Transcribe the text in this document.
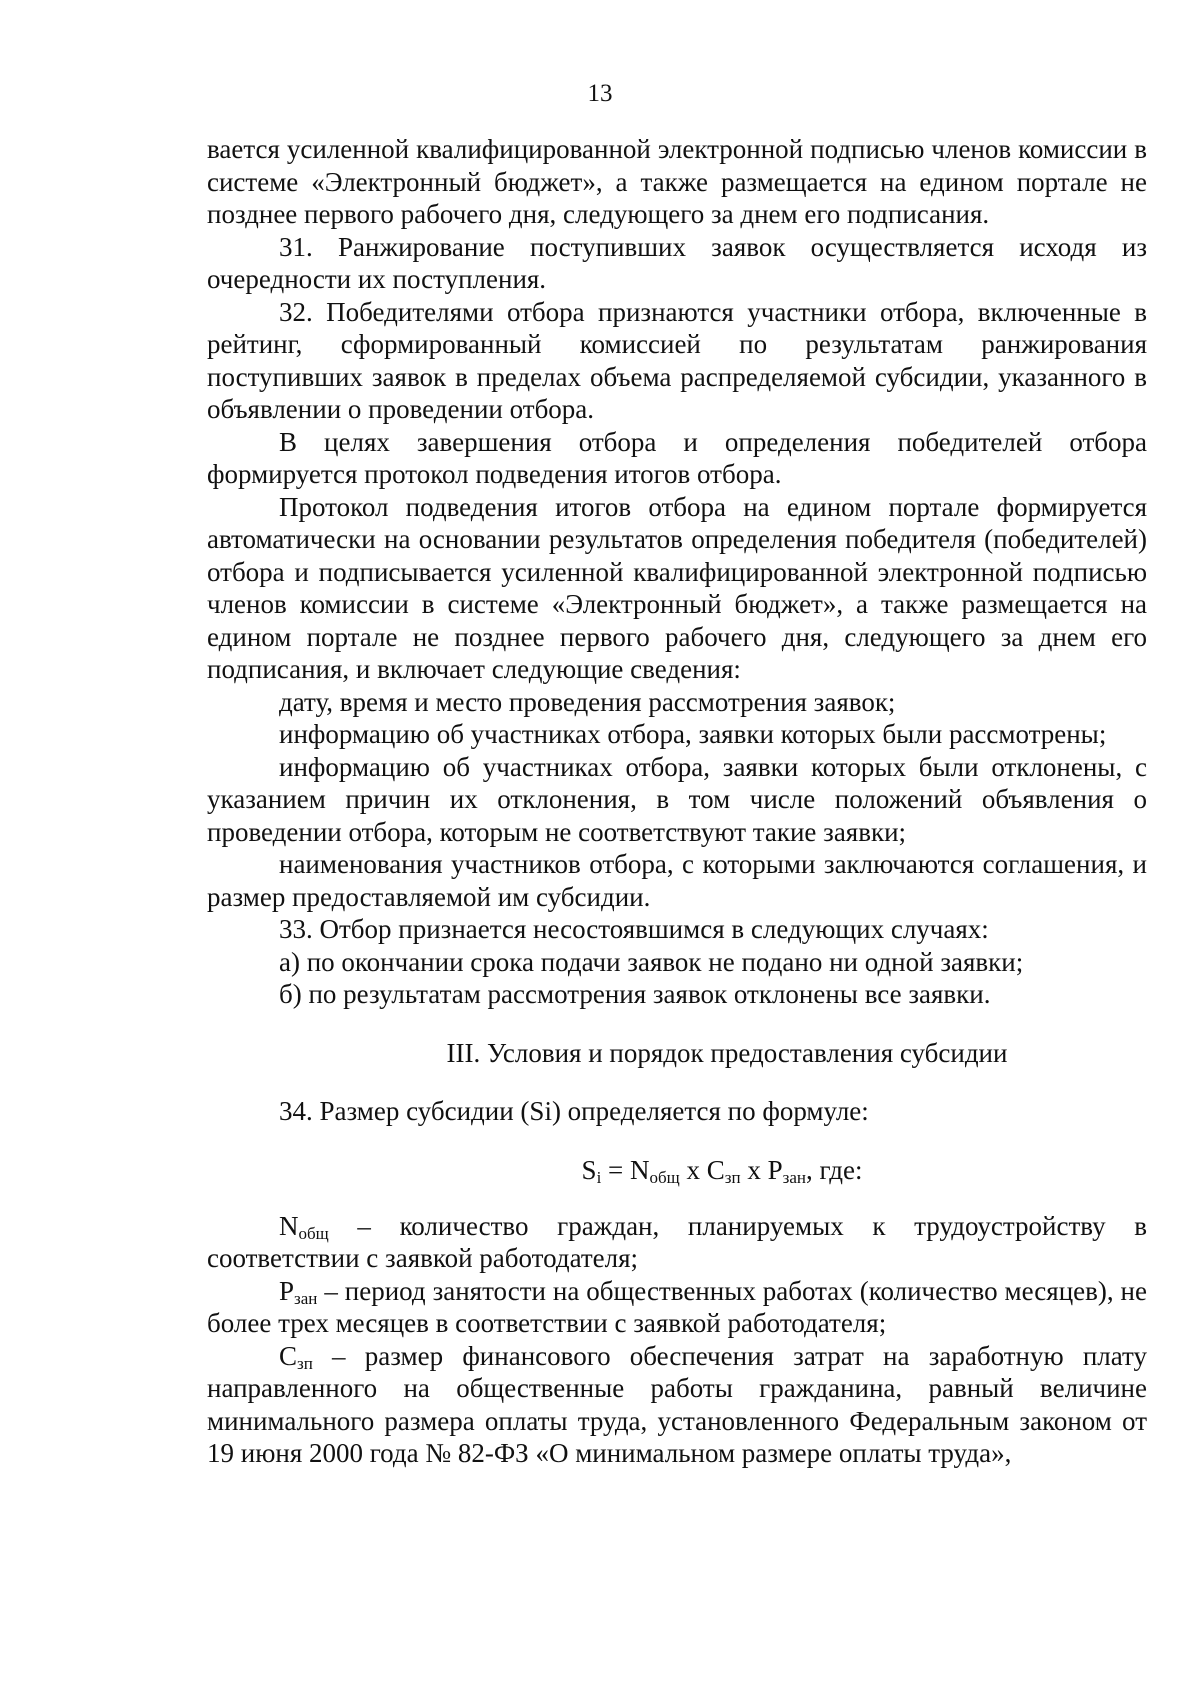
13

вается усиленной квалифицированной электронной подписью членов комиссии в системе «Электронный бюджет», а также размещается на едином портале не позднее первого рабочего дня, следующего за днем его подписания.

31. Ранжирование поступивших заявок осуществляется исходя из очередности их поступления.

32. Победителями отбора признаются участники отбора, включенные в рейтинг, сформированный комиссией по результатам ранжирования поступивших заявок в пределах объема распределяемой субсидии, указанного в объявлении о проведении отбора.

В целях завершения отбора и определения победителей отбора формируется протокол подведения итогов отбора.

Протокол подведения итогов отбора на едином портале формируется автоматически на основании результатов определения победителя (победителей) отбора и подписывается усиленной квалифицированной электронной подписью членов комиссии в системе «Электронный бюджет», а также размещается на едином портале не позднее первого рабочего дня, следующего за днем его подписания, и включает следующие сведения:

дату, время и место проведения рассмотрения заявок;

информацию об участниках отбора, заявки которых были рассмотрены;

информацию об участниках отбора, заявки которых были отклонены, с указанием причин их отклонения, в том числе положений объявления о проведении отбора, которым не соответствуют такие заявки;

наименования участников отбора, с которыми заключаются соглашения, и размер предоставляемой им субсидии.

33. Отбор признается несостоявшимся в следующих случаях:

а) по окончании срока подачи заявок не подано ни одной заявки;

б) по результатам рассмотрения заявок отклонены все заявки.

III. Условия и порядок предоставления субсидии

34. Размер субсидии (Si) определяется по формуле:

$S_i = N_{общ}$ x $C_{зп}$ x $P_{зан}$, где:

$N_{общ}$ – количество граждан, планируемых к трудоустройству в соответствии с заявкой работодателя;

$P_{зан}$ – период занятости на общественных работах (количество месяцев), не более трех месяцев в соответствии с заявкой работодателя;

$C_{зп}$ – размер финансового обеспечения затрат на заработную плату направленного на общественные работы гражданина, равный величине минимального размера оплаты труда, установленного Федеральным законом от 19 июня 2000 года № 82-ФЗ «О минимальном размере оплаты труда»,
